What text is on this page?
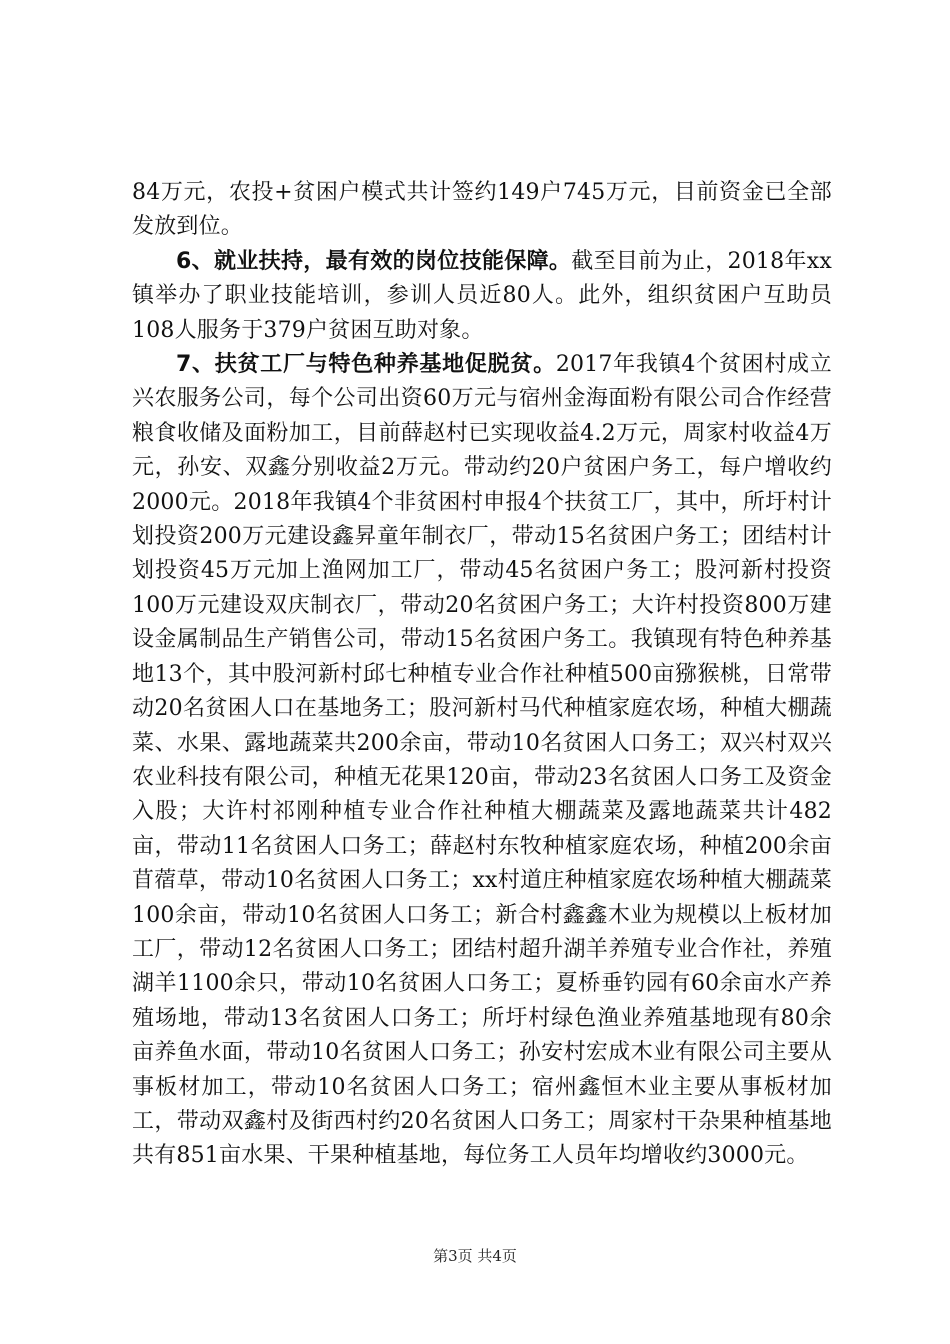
84万元，农投+贫困户模式共计签约149户745万元，目前资金已全部发放到位。

6、就业扶持，最有效的岗位技能保障。截至目前为止，2018年xx镇举办了职业技能培训，参训人员近80人。此外，组织贫困户互助员108人服务于379户贫困互助对象。

7、扶贫工厂与特色种养基地促脱贫。2017年我镇4个贫困村成立兴农服务公司，每个公司出资60万元与宿州金海面粉有限公司合作经营粮食收储及面粉加工，目前薛赵村已实现收益4.2万元，周家村收益4万元，孙安、双鑫分别收益2万元。带动约20户贫困户务工，每户增收约2000元。2018年我镇4个非贫困村申报4个扶贫工厂，其中，所圩村计划投资200万元建设鑫昇童年制衣厂，带动15名贫困户务工；团结村计划投资45万元加上渔网加工厂，带动45名贫困户务工；股河新村投资100万元建设双庆制衣厂，带动20名贫困户务工；大许村投资800万建设金属制品生产销售公司，带动15名贫困户务工。我镇现有特色种养基地13个，其中股河新村邱七种植专业合作社种植500亩猕猴桃，日常带动20名贫困人口在基地务工；股河新村马代种植家庭农场，种植大棚蔬菜、水果、露地蔬菜共200余亩，带动10名贫困人口务工；双兴村双兴农业科技有限公司，种植无花果120亩，带动23名贫困人口务工及资金入股；大许村祁刚种植专业合作社种植大棚蔬菜及露地蔬菜共计482亩，带动11名贫困人口务工；薛赵村东牧种植家庭农场，种植200余亩苜蓿草，带动10名贫困人口务工；xx村道庄种植家庭农场种植大棚蔬菜100余亩，带动10名贫困人口务工；新合村鑫鑫木业为规模以上板材加工厂，带动12名贫困人口务工；团结村超升湖羊养殖专业合作社，养殖湖羊1100余只，带动10名贫困人口务工；夏桥垂钓园有60余亩水产养殖场地，带动13名贫困人口务工；所圩村绿色渔业养殖基地现有80余亩养鱼水面，带动10名贫困人口务工；孙安村宏成木业有限公司主要从事板材加工，带动10名贫困人口务工；宿州鑫恒木业主要从事板材加工，带动双鑫村及街西村约20名贫困人口务工；周家村干杂果种植基地共有851亩水果、干果种植基地，每位务工人员年均增收约3000元。

第3页 共4页
